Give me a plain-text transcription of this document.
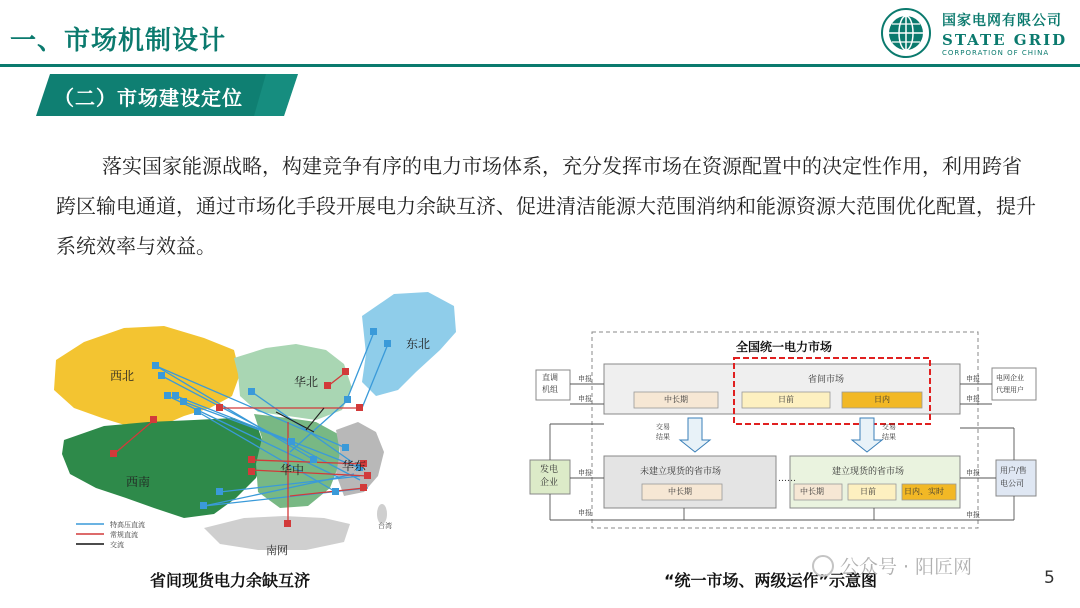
一、市场机制设计
国家电网有限公司
STATE GRID
CORPORATION OF CHINA
（二）市场建设定位
落实国家能源战略，构建竞争有序的电力市场体系，充分发挥市场在资源配置中的决定性作用，利用跨省跨区输电通道，通过市场化手段开展电力余缺互济、促进清洁能源大范围消纳和能源资源大范围优化配置，提升系统效率与效益。
西北	华北
东北
西南
华中	华东
南网
台湾
特高压直流
常规直流
交流
省间现货电力余缺互济
全国统一电力市场
省间市场
中长期	日前	日内
交易
结果
交易
结果
未建立现货的省市场
中长期
……
建立现货的省市场
中长期	日前	日内、实时
直调
机组
发电
企业
电网企业
代理用户
用户/售
电公司
申报
申报
申报
申报
申报
申报
申报
申报
“统一市场、两级运作”示意图
公众号 · 阳匠网	5
